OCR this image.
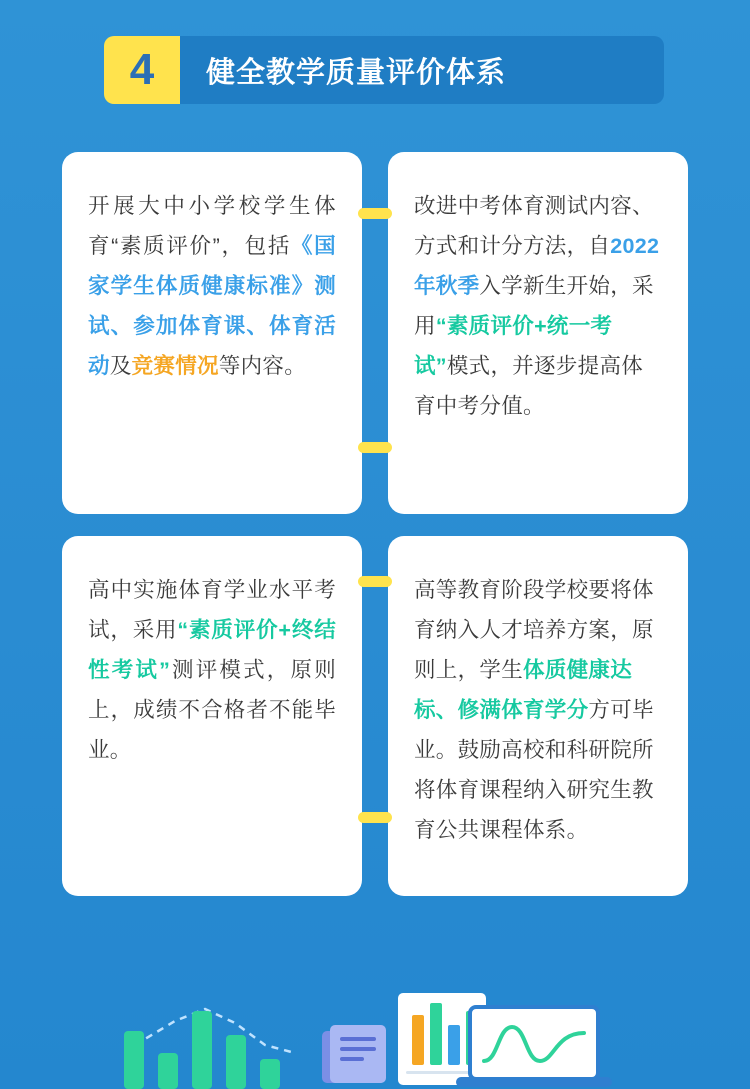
4	健全教学质量评价体系

开展大中小学校学生体育“素质评价”，包括《国家学生体质健康标准》测试、参加体育课、体育活动及竞赛情况等内容。

改进中考体育测试内容、方式和计分方法，自2022年秋季入学新生开始，采用“素质评价+统一考试”模式，并逐步提高体育中考分值。

高中实施体育学业水平考试，采用“素质评价+终结性考试”测评模式，原则上，成绩不合格者不能毕业。

高等教育阶段学校要将体育纳入人才培养方案，原则上，学生体质健康达标、修满体育学分方可毕业。鼓励高校和科研院所将体育课程纳入研究生教育公共课程体系。
